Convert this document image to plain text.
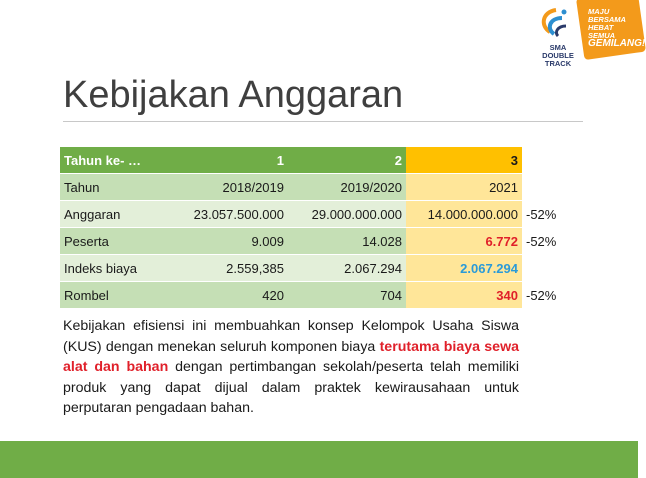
SMA
DOUBLE
TRACK
MAJU
BERSAMA
HEBAT
SEMUA
GEMILANG!
Kebijakan Anggaran
Tahun ke- …	1	2	3	
Tahun	2018/2019	2019/2020	2021	
Anggaran	23.057.500.000	29.000.000.000	14.000.000.000	-52%
Peserta	9.009	14.028	6.772	-52%
Indeks biaya	2.559,385	2.067.294	2.067.294	
Rombel	420	704	340	-52%
Kebijakan efisiensi ini membuahkan konsep Kelompok Usaha Siswa (KUS) dengan menekan seluruh komponen biaya terutama biaya sewa alat dan bahan dengan pertimbangan sekolah/peserta telah memiliki produk yang dapat dijual dalam praktek kewirausahaan untuk perputaran pengadaan bahan.
